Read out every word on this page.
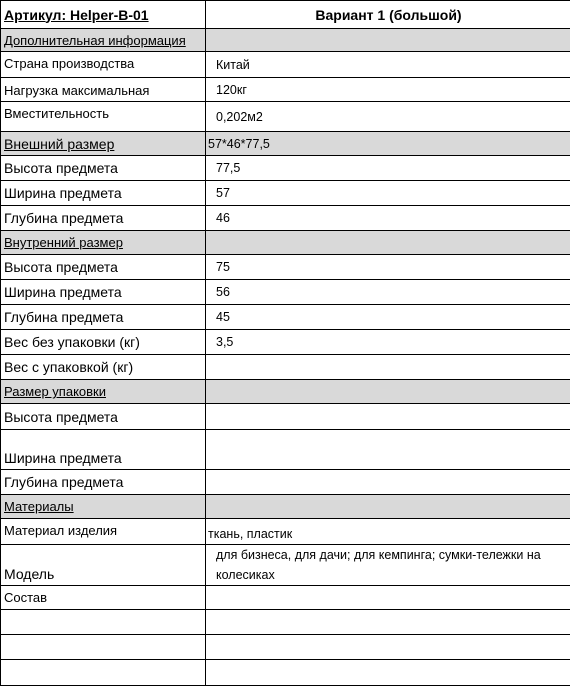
Артикул: Helper-B-01	Вариант 1 (большой)
Дополнительная информация	
Страна производства	Китай
Нагрузка максимальная	120кг
Вместительность	0,202м2
Внешний размер	57*46*77,5
Высота предмета	77,5
Ширина предмета	57
Глубина предмета	46
Внутренний размер	
Высота предмета	75
Ширина предмета	56
Глубина предмета	45
Вес без упаковки (кг)	3,5
Вес с упаковкой (кг)	
Размер упаковки	
Высота предмета	
Ширина предмета	
Глубина предмета	
Материалы	
Материал изделия	ткань, пластик
Модель	для бизнеса, для дачи; для кемпинга; сумки-тележки на колесиках
Состав	
